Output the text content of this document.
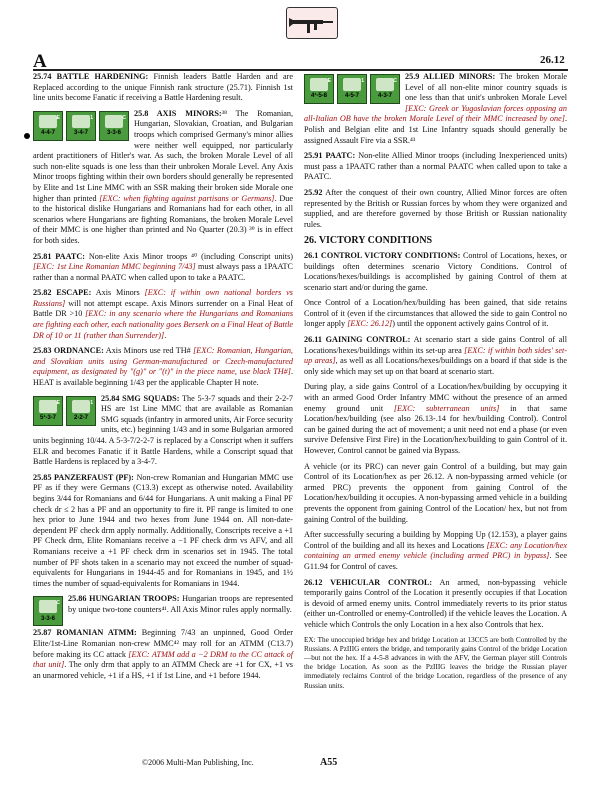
A	26.12

25.74 BATTLE HARDENING: Finnish leaders Battle Harden and are Replaced according to the unique Finnish rank structure (25.71). Finnish 1st line units become Fanatic if receiving a Battle Hardening result.

E
4-4-7
1
3-4-7
C
3-3-6
25.8 AXIS MINORS:³⁸ The Romanian, Hungarian, Slovakian, Croatian, and Bulgarian troops which comprised Germany's minor allies were neither well equipped, nor particularly ardent practitioners of Hitler's war. As such, the broken Morale Level of all such non-elite squads is one less than their unbroken Morale Level. Any Axis Minor troops fighting within their own borders should generally be represented by Elite and 1st Line MMC with an SSR making their broken side Morale one higher than printed [EXC: when fighting against partisans or Germans]. Due to the historical dislike Hungarians and Romanians had for each other, in all scenarios where Hungarians are fighting Romanians, the broken Morale Level of their MMC is one higher than printed and No Quarter (20.3) ³⁹ is in effect for both sides.

25.81 PAATC: Non-elite Axis Minor troops ⁴⁰ (including Conscript units) [EXC: 1st Line Romanian MMC beginning 7/43] must always pass a 1PAATC rather than a normal PAATC when called upon to take a PAATC.

25.82 ESCAPE: Axis Minors [EXC: if within own national borders vs Russians] will not attempt escape. Axis Minors surrender on a Final Heat of Battle DR >10 [EXC: in any scenario where the Hungarians and Romanians are fighting each other, each nationality goes Berserk on a Final Heat of Battle DR of 10 or 11 (rather than Surrender)].

25.83 ORDNANCE: Axis Minors use red TH# [EXC: Romanian, Hungarian, and Slovakian units using German-manufactured or Czech-manufactured equipment, as designated by "(g)" or "(t)" in the piece name, use black TH#]. HEAT is available beginning 1/43 per the applicable Chapter H note.

E
5¹-3-7
1
2-2-7
25.84 SMG SQUADS: The 5-3-7 squads and their 2-2-7 HS are 1st Line MMC that are available as Romanian SMG squads (infantry in armored units, Air Force security units, etc.) beginning 1/43 and in some Bulgarian armored units beginning 10/44. A 5-3-7/2-2-7 is replaced by a Conscript when it suffers ELR and becomes Fanatic if it Battle Hardens, while a Conscript squad that Battle Hardens is replaced by a 3-4-7.

25.85 PANZERFAUST (PF): Non-crew Romanian and Hungarian MMC use PF as if they were Germans (C13.3) except as otherwise noted. Availability begins 3/44 for Romanians and 6/44 for Hungarians. A unit making a Final PF check dr ≤ 2 has a PF and an opportunity to fire it. PF range is limited to one hex prior to June 1944 and two hexes from June 1944 on. All non-date-dependent PF check drm apply normally. Additionally, Conscripts receive a +1 PF Check drm, Elite Romanians receive a −1 PF check drm vs AFV, and all Romanians receive a +1 PF check drm in scenarios set in 1945. The total number of PF shots taken in a scenario may not exceed the number of squad-equivalents for Hungarians in 1944-45 and for Romanians in 1945, and 1½ times the number of squad-equivalents for Romanians in 1944.

C
3-3-6
25.86 HUNGARIAN TROOPS: Hungarian troops are represented by unique two-tone counters⁴¹. All Axis Minor rules apply normally.

25.87 ROMANIAN ATMM: Beginning 7/43 an unpinned, Good Order Elite/1st-Line Romanian non-crew MMC⁴² may roll for an ATMM (C13.7) before making its CC attack [EXC: ATMM add a −2 DRM to the CC attack of that unit]. The only drm that apply to an ATMM Check are +1 for CX, +1 vs an unarmored vehicle, +1 if a HS, +1 if 1st Line, and +1 before 1944.

E
4¹-5-8
1
4-5-7
C
4-3-7
25.9 ALLIED MINORS: The broken Morale Level of all non-elite minor country squads is one less than that unit's unbroken Morale Level [EXC: Greek or Yugoslavian forces opposing an all-Italian OB have the broken Morale Level of their MMC increased by one]. Polish and Belgian elite and 1st Line Infantry squads should generally be assigned Assault Fire via a SSR.⁴³

25.91 PAATC: Non-elite Allied Minor troops (including Inexperienced units) must pass a 1PAATC rather than a normal PAATC when called upon to take a PAATC.

25.92 After the conquest of their own country, Allied Minor forces are often represented by the British or Russian forces by whom they were organized and supplied, and are therefore governed by those British or Russian nationality rules.

26. VICTORY CONDITIONS

26.1 CONTROL VICTORY CONDITIONS: Control of Locations, hexes, or buildings often determines scenario Victory Conditions. Control of Locations/hexes/buildings is accomplished by gaining Control of them at scenario start and/or during the game.

Once Control of a Location/hex/building has been gained, that side retains Control of it (even if the circumstances that allowed the side to gain Control no longer apply [EXC: 26.12]) until the opponent actively gains Control of it.

26.11 GAINING CONTROL: At scenario start a side gains Control of all Locations/hexes/buildings within its set-up area [EXC: if within both sides' set-up areas], as well as all Locations/hexes/buildings on a board if that side is the only side which may set up on that board at scenario start.

During play, a side gains Control of a Location/hex/building by occupying it with an armed Good Order Infantry MMC without the presence of an armed enemy ground unit [EXC: subterranean units] in that same Location/hex/building (see also 26.13-.14 for hex/building Control). Control can be gained during the act of movement; a unit need not end a phase (or even survive Defensive First Fire) in the Location/hex/building to gain Control of it. However, Control cannot be gained via Bypass.

A vehicle (or its PRC) can never gain Control of a building, but may gain Control of its Location/hex as per 26.12. A non-bypassing armed vehicle (or armed PRC) prevents the opponent from gaining Control of the Location/hex/building it occupies. A non-bypassing armed vehicle in a building prevents the opponent from gaining Control of the Location/ hex, but not from gaining Control of the building.

After successfully securing a building by Mopping Up (12.153), a player gains Control of the building and all its hexes and Locations [EXC: any Location/hex containing an armed enemy vehicle (including armed PRC) in bypass]. See G11.94 for Control of caves.

26.12 VEHICULAR CONTROL: An armed, non-bypassing vehicle temporarily gains Control of the Location it presently occupies if that Location is devoid of armed enemy units. Control immediately reverts to its prior status (either un-Controlled or enemy-Controlled) if the vehicle leaves the Location. A vehicle which Controls the only Location in a hex also Controls that hex.

EX: The unoccupied bridge hex and bridge Location at 13CC5 are both Controlled by the Russians. A PzIIIG enters the bridge, and temporarily gains Control of the bridge Location—but not the hex. If a 4-5-8 advances in with the AFV, the German player still Controls the bridge Location. As soon as the PzIIIG leaves the bridge the Russian player immediately reclaims Control of the bridge Location, regardless of the presence of any Russian units.

©2006 Multi-Man Publishing, Inc.	A55
